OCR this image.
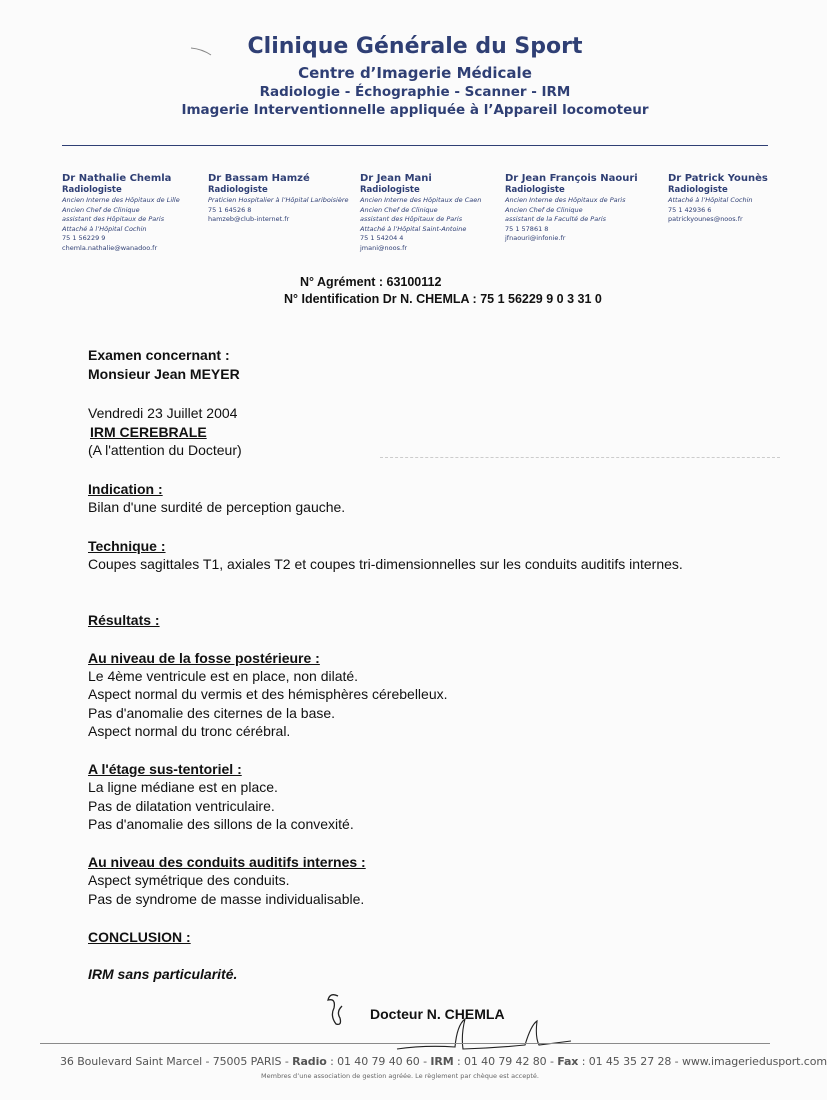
Clinique Générale du Sport
Centre d’Imagerie Médicale
Radiologie - Échographie - Scanner - IRM
Imagerie Interventionnelle appliquée à l’Appareil locomoteur
Dr Nathalie Chemla
Radiologiste
Ancien Interne des Hôpitaux de Lille
Ancien Chef de Clinique
assistant des Hôpitaux de Paris
Attaché à l’Hôpital Cochin
75 1 56229 9
chemla.nathalie@wanadoo.fr
Dr Bassam Hamzé
Radiologiste
Praticien Hospitalier à l’Hôpital Lariboisière
75 1 64526 8
hamzeb@club-internet.fr
Dr Jean Mani
Radiologiste
Ancien Interne des Hôpitaux de Caen
Ancien Chef de Clinique
assistant des Hôpitaux de Paris
Attaché à l’Hôpital Saint-Antoine
75 1 54204 4
jmani@noos.fr
Dr Jean François Naouri
Radiologiste
Ancien Interne des Hôpitaux de Paris
Ancien Chef de Clinique
assistant de la Faculté de Paris
75 1 57861 8
jfnaouri@infonie.fr
Dr Patrick Younès
Radiologiste
Attaché à l’Hôpital Cochin
75 1 42936 6
patrickyounes@noos.fr
N° Agrément : 63100112
N° Identification Dr N. CHEMLA : 75 1 56229 9 0 3 31 0
Examen concernant :
Monsieur Jean MEYER
Vendredi 23 Juillet 2004
IRM CEREBRALE
(A l'attention du Docteur)
Indication :
Bilan d'une surdité de perception gauche.
Technique :
Coupes sagittales T1, axiales T2 et coupes tri-dimensionnelles sur les conduits auditifs internes.
Résultats :
Au niveau de la fosse postérieure :
Le 4ème ventricule est en place, non dilaté.
Aspect normal du vermis et des hémisphères cérebelleux.
Pas d'anomalie des citernes de la base.
Aspect normal du tronc cérébral.
A l'étage sus-tentoriel :
La ligne médiane est en place.
Pas de dilatation ventriculaire.
Pas d'anomalie des sillons de la convexité.
Au niveau des conduits auditifs internes :
Aspect symétrique des conduits.
Pas de syndrome de masse individualisable.
CONCLUSION :
IRM sans particularité.
Docteur N. CHEMLA
36 Boulevard Saint Marcel - 75005 PARIS - Radio : 01 40 79 40 60 - IRM : 01 40 79 42 80 - Fax : 01 45 35 27 28 - www.imageriedusport.com
Membres d’une association de gestion agréée. Le règlement par chèque est accepté.
